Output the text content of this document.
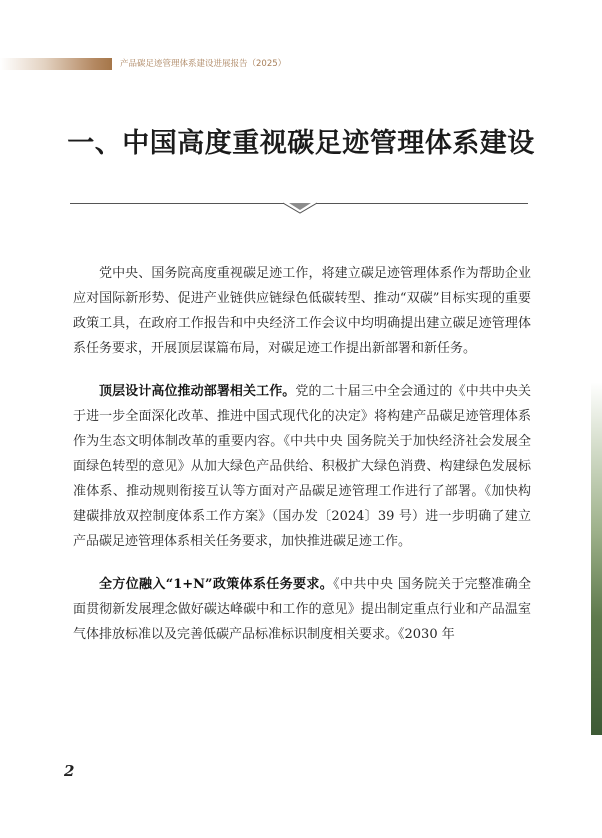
产品碳足迹管理体系建设进展报告（2025）
一、中国高度重视碳足迹管理体系建设

党中央、国务院高度重视碳足迹工作，将建立碳足迹管理体系作为帮助企业应对国际新形势、促进产业链供应链绿色低碳转型、推动“双碳”目标实现的重要政策工具，在政府工作报告和中央经济工作会议中均明确提出建立碳足迹管理体系任务要求，开展顶层谋篇布局，对碳足迹工作提出新部署和新任务。

顶层设计高位推动部署相关工作。党的二十届三中全会通过的《中共中央关于进一步全面深化改革、推进中国式现代化的决定》将构建产品碳足迹管理体系作为生态文明体制改革的重要内容。《中共中央 国务院关于加快经济社会发展全面绿色转型的意见》从加大绿色产品供给、积极扩大绿色消费、构建绿色发展标准体系、推动规则衔接互认等方面对产品碳足迹管理工作进行了部署。《加快构建碳排放双控制度体系工作方案》（国办发〔2024〕39 号）进一步明确了建立产品碳足迹管理体系相关任务要求，加快推进碳足迹工作。

全方位融入“1+N”政策体系任务要求。《中共中央 国务院关于完整准确全面贯彻新发展理念做好碳达峰碳中和工作的意见》提出制定重点行业和产品温室气体排放标准以及完善低碳产品标准标识制度相关要求。《2030 年

2
